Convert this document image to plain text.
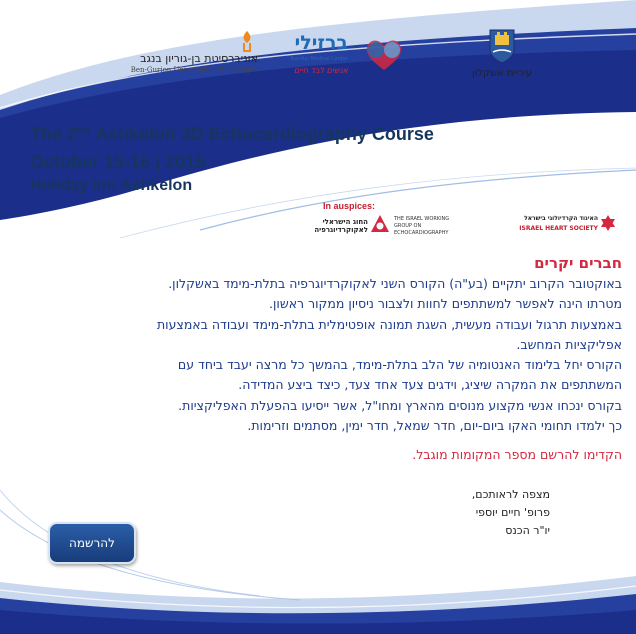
אוניברסיטת בן-גוריון בנגב
Ben-Gurion University of the Negev
ברזילי
Barzilai Medical Center
אנשים לבד חיים	עיריית אשקלון
The 2nd Ashkelon 3D Echocardiography Course
October 15-16 | 2015
Holiday Inn Ashkelon
In auspices:
החוג הישראלי לאקוקרדיוגרפיה
THE ISRAEL WORKING GROUP ON ECHOCARDIOGRAPHY
האיגוד הקרדיולוגי בישראל
ISRAEL HEART SOCIETY

חברים יקרים

באוקטובר הקרוב יתקיים (בע"ה) הקורס השני לאקוקרדיוגרפיה בתלת-מימד באשקלון.

מטרתו הינה לאפשר למשתתפים לחוות ולצבור ניסיון ממקור ראשון.

באמצעות תרגול ועבודה מעשית, השגת תמונה אופטימלית בתלת-מימד ועבודה באמצעות

אפליקציות המחשב.

הקורס יחל בלימוד האנטומיה של הלב בתלת-מימד, בהמשך כל מרצה יעבד ביחד עם

המשתתפים את המקרה שיציג, וידגים צעד אחד צעד, כיצד ביצע המדידה.

בקורס ינכחו אנשי מקצוע מנוסים מהארץ ומחו"ל, אשר ייסיעו בהפעלת האפליקציות.

כך ילמדו תחומי האקו ביום-יום, חדר שמאל, חדר ימין, מסתמים וזרימות.

הקדימו להרשם מספר המקומות מוגבל.
מצפה לראותכם,
פרופ' חיים יוספי
יו"ר הכנס
להרשמה
